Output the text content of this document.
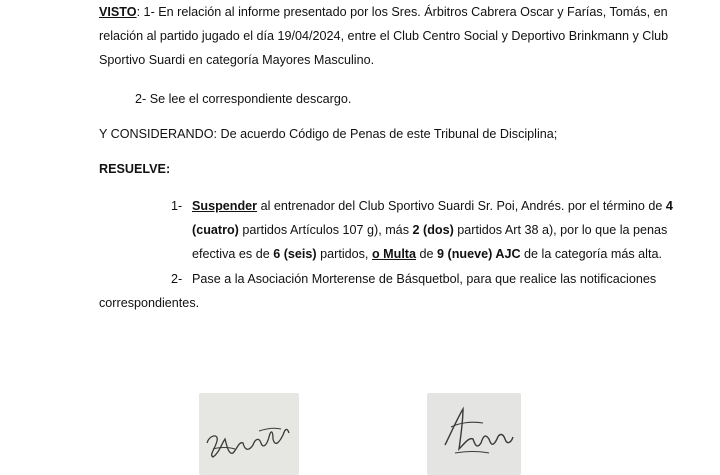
VISTO: 1- En relación al informe presentado por los Sres. Árbitros Cabrera Oscar y Farías, Tomás, en
relación al partido jugado el día 19/04/2024, entre el Club Centro Social y Deportivo Brinkmann y Club
Sportivo Suardi en categoría Mayores Masculino.
2- Se lee el correspondiente descargo.
Y CONSIDERANDO: De acuerdo Código de Penas de este Tribunal de Disciplina;
RESUELVE:
1- Suspender al entrenador del Club Sportivo Suardi Sr. Poi, Andrés. por el término de 4
(cuatro) partidos Artículos 107 g), más 2 (dos) partidos Art 38 a), por lo que la penas
efectiva es de 6 (seis) partidos, o Multa de 9 (nueve) AJC de la categoría más alta.
2- Pase a la Asociación Morterense de Básquetbol, para que realice las notificaciones
correspondientes.
